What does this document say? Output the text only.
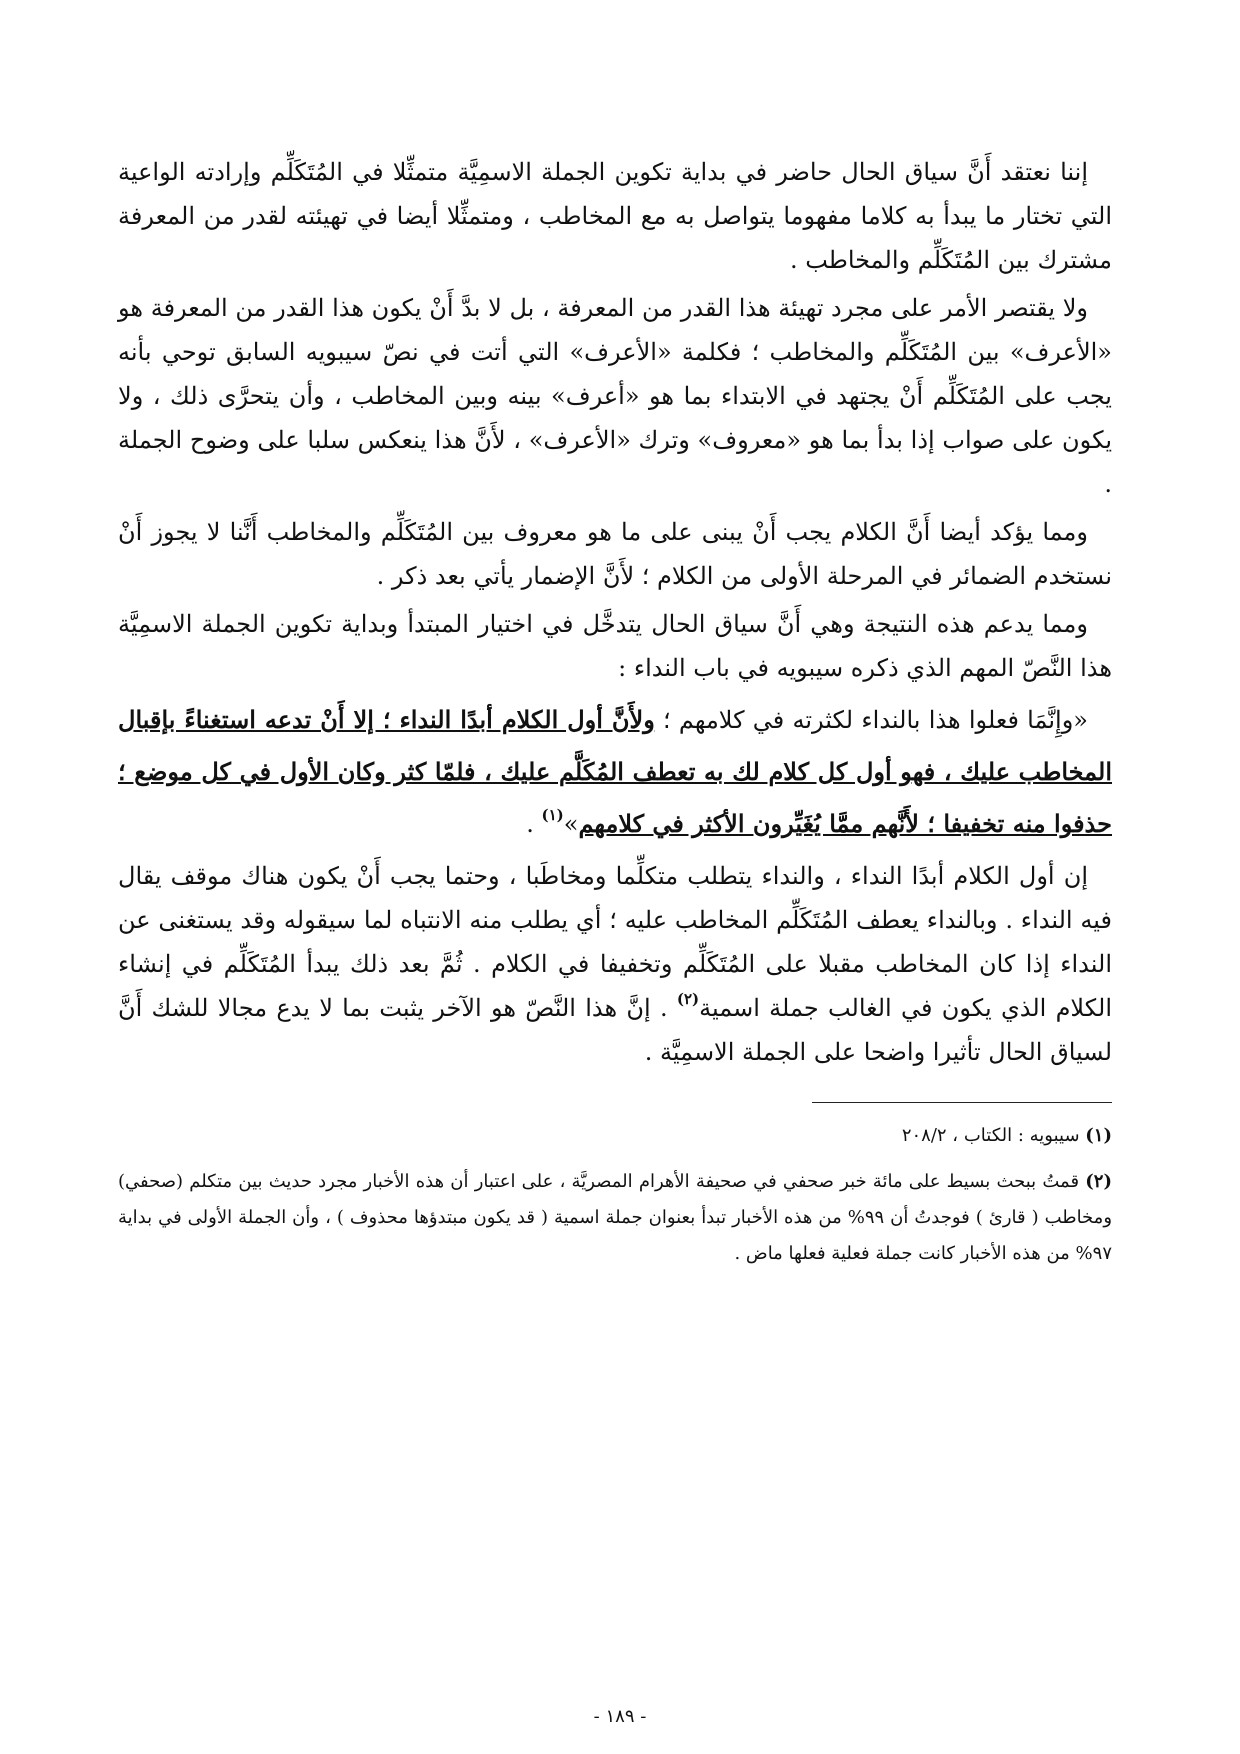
إننا نعتقد أَنَّ سياق الحال حاضر في بداية تكوين الجملة الاسمِيَّة متمثِّلا في المُتَكَلِّم وإرادته الواعية التي تختار ما يبدأ به كلاما مفهوما يتواصل به مع المخاطب ، ومتمثِّلا أيضا في تهيئته لقدر من المعرفة مشترك بين المُتَكَلِّم والمخاطب .

ولا يقتصر الأمر على مجرد تهيئة هذا القدر من المعرفة ، بل لا بدَّ أَنْ يكون هذا القدر من المعرفة هو «الأعرف» بين المُتَكَلِّم والمخاطب ؛ فكلمة «الأعرف» التي أتت في نصّ سيبويه السابق توحي بأنه يجب على المُتَكَلِّم أَنْ يجتهد في الابتداء بما هو «أعرف» بينه وبين المخاطب ، وأن يتحرَّى ذلك ، ولا يكون على صواب إذا بدأ بما هو «معروف» وترك «الأعرف» ، لأَنَّ هذا ينعكس سلبا على وضوح الجملة .

ومما يؤكد أيضا أَنَّ الكلام يجب أَنْ يبنى على ما هو معروف بين المُتَكَلِّم والمخاطب أَنَّنا لا يجوز أَنْ نستخدم الضمائر في المرحلة الأولى من الكلام ؛ لأَنَّ الإضمار يأتي بعد ذكر .

ومما يدعم هذه النتيجة وهي أَنَّ سياق الحال يتدخَّل في اختيار المبتدأ وبداية تكوين الجملة الاسمِيَّة هذا النَّصّ المهم الذي ذكره سيبويه في باب النداء :

«وإِنَّمَا فعلوا هذا بالنداء لكثرته في كلامهم ؛ ولأَنَّ أول الكلام أبدًا النداء ؛ إلا أَنْ تدعه استغناءً بإقبال المخاطب عليك ، فهو أول كل كلام لك به تعطف المُكَلَّم عليك ، فلمّا كثر وكان الأول في كل موضع ؛ حذفوا منه تخفيفا ؛ لأَنَّهم ممَّا يُغَيِّرون الأكثر في كلامهم»$^{(١)}$ .

إن أول الكلام أبدًا النداء ، والنداء يتطلب متكلِّما ومخاطَبا ، وحتما يجب أَنْ يكون هناك موقف يقال فيه النداء . وبالنداء يعطف المُتَكَلِّم المخاطب عليه ؛ أي يطلب منه الانتباه لما سيقوله وقد يستغنى عن النداء إذا كان المخاطب مقبلا على المُتَكَلِّم وتخفيفا في الكلام . ثُمَّ بعد ذلك يبدأ المُتَكَلِّم في إنشاء الكلام الذي يكون في الغالب جملة اسمية$^{(٢)}$ . إنَّ هذا النَّصّ هو الآخر يثبت بما لا يدع مجالا للشك أَنَّ لسياق الحال تأثيرا واضحا على الجملة الاسمِيَّة .

(١) سيبويه : الكتاب ، ٢٠٨/٢

(٢) قمتُ ببحث بسيط على مائة خبر صحفي في صحيفة الأهرام المصريَّة ، على اعتبار أن هذه الأخبار مجرد حديث بين متكلم (صحفي) ومخاطب ( قارئ ) فوجدتُ أن ٩٩% من هذه الأخبار تبدأ بعنوان جملة اسمية ( قد يكون مبتدؤها محذوف ) ، وأن الجملة الأولى في بداية ٩٧% من هذه الأخبار كانت جملة فعلية فعلها ماض .

- ١٨٩ -
